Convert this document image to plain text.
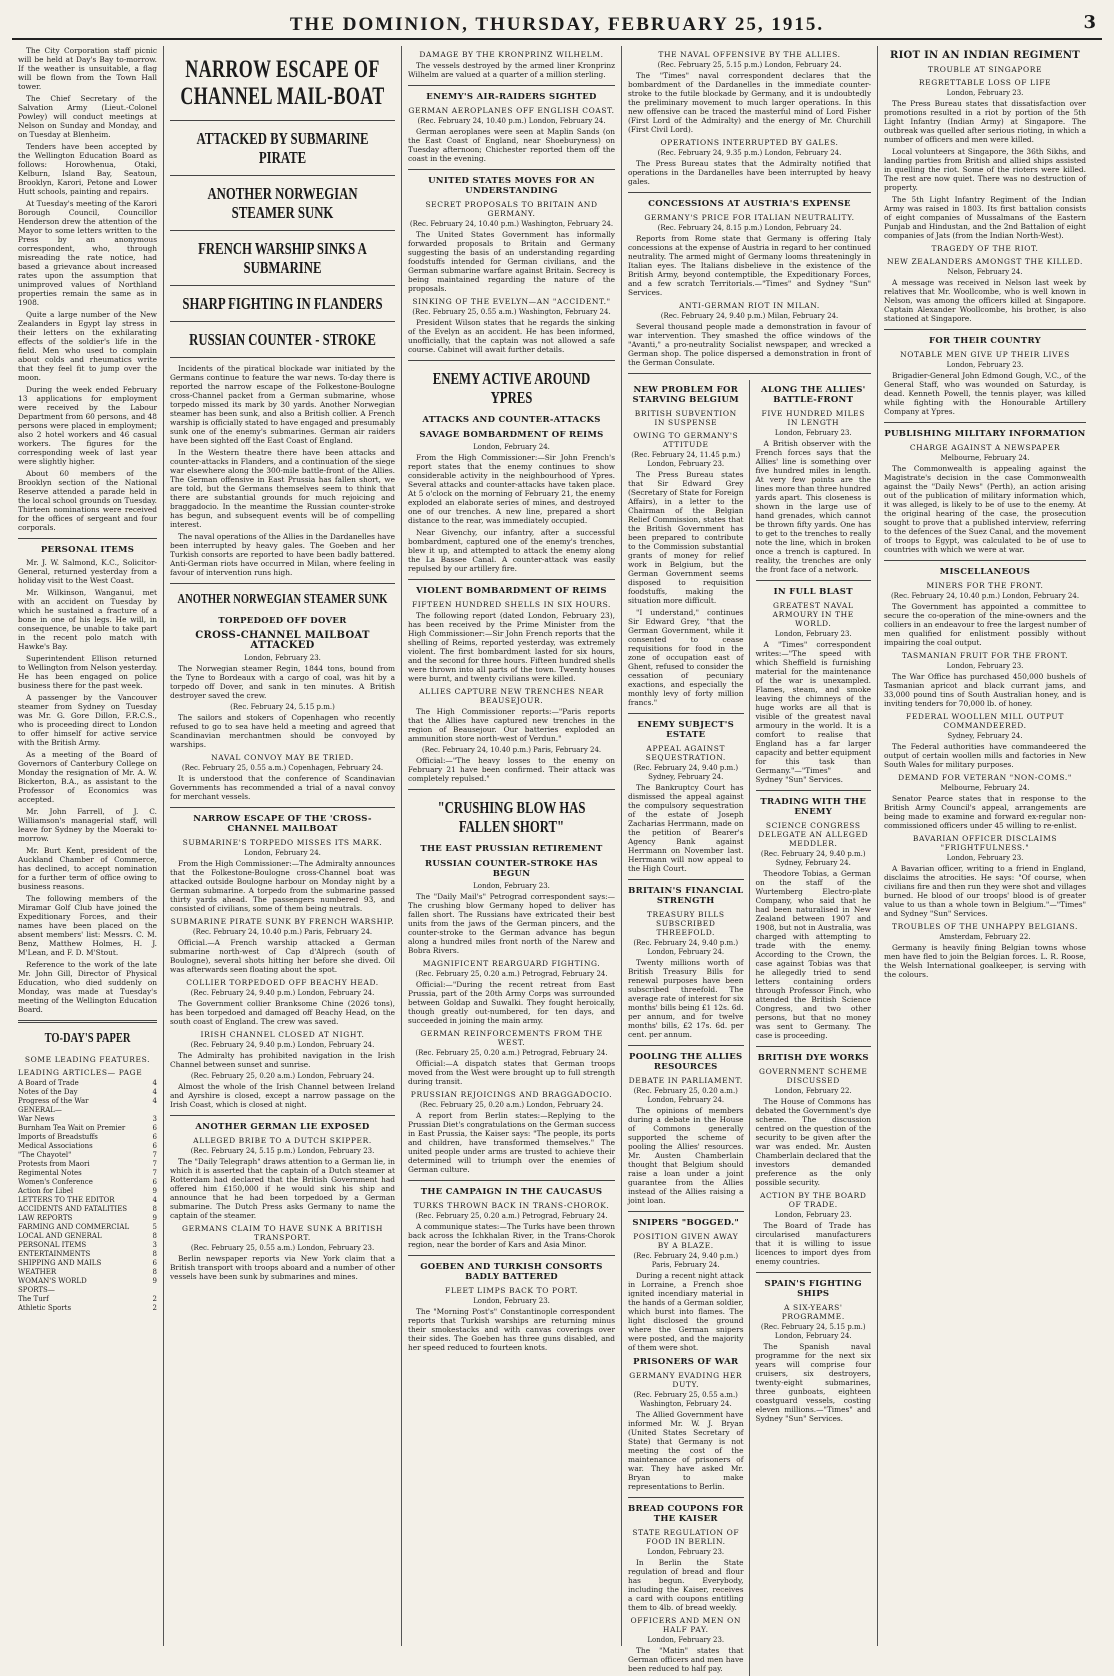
THE DOMINION, THURSDAY, FEBRUARY 25, 1915.	3

The City Corporation staff picnic will be held at Day's Bay to-morrow. If the weather is unsuitable, a flag will be flown from the Town Hall tower.

The Chief Secretary of the Salvation Army (Lieut.-Colonel Powley) will conduct meetings at Nelson on Sunday and Monday, and on Tuesday at Blenheim.

Tenders have been accepted by the Wellington Education Board as follows: Horowhenua, Otaki, Kelburn, Island Bay, Seatoun, Brooklyn, Karori, Petone and Lower Hutt schools, painting and repairs.

At Tuesday's meeting of the Karori Borough Council, Councillor Henderson drew the attention of the Mayor to some letters written to the Press by an anonymous correspondent, who, through misreading the rate notice, had based a grievance about increased rates upon the assumption that unimproved values of Northland properties remain the same as in 1908.

Quite a large number of the New Zealanders in Egypt lay stress in their letters on the exhilarating effects of the soldier's life in the field. Men who used to complain about colds and rheumatics write that they feel fit to jump over the moon.

During the week ended February 13 applications for employment were received by the Labour Department from 60 persons, and 48 persons were placed in employment; also 2 hotel workers and 46 casual workers. The figures for the corresponding week of last year were slightly higher.

About 60 members of the Brooklyn section of the National Reserve attended a parade held in the local school grounds on Tuesday. Thirteen nominations were received for the offices of sergeant and four corporals.

PERSONAL ITEMS

Mr. J. W. Salmond, K.C., Solicitor-General, returned yesterday from a holiday visit to the West Coast.

Mr. Wilkinson, Wanganui, met with an accident on Tuesday by which he sustained a fracture of a bone in one of his legs. He will, in consequence, be unable to take part in the recent polo match with Hawke's Bay.

Superintendent Ellison returned to Wellington from Nelson yesterday. He has been engaged on police business there for the past week.

A passenger by the Vancouver steamer from Sydney on Tuesday was Mr. G. Gore Dillon, F.R.C.S., who is proceeding direct to London to offer himself for active service with the British Army.

As a meeting of the Board of Governors of Canterbury College on Monday the resignation of Mr. A. W. Bickerton, B.A., as assistant to the Professor of Economics was accepted.

Mr. John Farrell, of J. C. Williamson's managerial staff, will leave for Sydney by the Moeraki to-morrow.

Mr. Burt Kent, president of the Auckland Chamber of Commerce, has declined, to accept nomination for a further term of office owing to business reasons.

The following members of the Miramar Golf Club have joined the Expeditionary Forces, and their names have been placed on the absent members' list: Messrs. C. M. Benz, Matthew Holmes, H. J. M'Lean, and F. D. M'Stout.

Reference to the work of the late Mr. John Gill, Director of Physical Education, who died suddenly on Monday, was made at Tuesday's meeting of the Wellington Education Board.

TO-DAY'S PAPER
SOME LEADING FEATURES.
LEADING ARTICLES— PAGE
A Board of Trade	4
Notes of the Day	4
Progress of the War	4
GENERAL—
War News	3
Burnham Tea Wait on Premier	6
Imports of Breadstuffs	6
Medical Associations	6
"The Chayotel"	7
Protests from Maori	7
Regimental Notes	7
Women's Conference	6
Action for Libel	9
LETTERS TO THE EDITOR	4
ACCIDENTS AND FATALITIES	8
LAW REPORTS	9
FARMING AND COMMERCIAL	5
LOCAL AND GENERAL	8
PERSONAL ITEMS	3
ENTERTAINMENTS	8
SHIPPING AND MAILS	6
WEATHER	8
WOMAN'S WORLD	9
SPORTS—
The Turf	2
Athletic Sports	2
NARROW ESCAPE OF CHANNEL MAIL-BOAT
ATTACKED BY SUBMARINE PIRATE
ANOTHER NORWEGIAN STEAMER SUNK
FRENCH WARSHIP SINKS A SUBMARINE
SHARP FIGHTING IN FLANDERS
RUSSIAN COUNTER - STROKE

Incidents of the piratical blockade war initiated by the Germans continue to feature the war news. To-day there is reported the narrow escape of the Folkestone-Boulogne cross-Channel packet from a German submarine, whose torpedo missed its mark by 30 yards. Another Norwegian steamer has been sunk, and also a British collier. A French warship is officially stated to have engaged and presumably sunk one of the enemy's submarines. German air raiders have been sighted off the East Coast of England.

In the Western theatre there have been attacks and counter-attacks in Flanders, and a continuation of the siege war elsewhere along the 300-mile battle-front of the Allies. The German offensive in East Prussia has fallen short, we are told, but the Germans themselves seem to think that there are substantial grounds for much rejoicing and braggadocio. In the meantime the Russian counter-stroke has begun, and subsequent events will be of compelling interest.

The naval operations of the Allies in the Dardanelles have been interrupted by heavy gales. The Goeben and her Turkish consorts are reported to have been badly battered. Anti-German riots have occurred in Milan, where feeling in favour of intervention runs high.

ANOTHER NORWEGIAN STEAMER SUNK
TORPEDOED OFF DOVER
CROSS-CHANNEL MAILBOAT ATTACKED
London, February 23.

The Norwegian steamer Regin, 1844 tons, bound from the Tyne to Bordeaux with a cargo of coal, was hit by a torpedo off Dover, and sank in ten minutes. A British destroyer saved the crew.

(Rec. February 24, 5.15 p.m.)

The sailors and stokers of Copenhagen who recently refused to go to sea have held a meeting and agreed that Scandinavian merchantmen should be convoyed by warships.

NAVAL CONVOY MAY BE TRIED.
(Rec. February 25, 0.55 a.m.) Copenhagen, February 24.

It is understood that the conference of Scandinavian Governments has recommended a trial of a naval convoy for merchant vessels.

NARROW ESCAPE OF THE 'CROSS-CHANNEL MAILBOAT
SUBMARINE'S TORPEDO MISSES ITS MARK.
London, February 24.

From the High Commissioner:—The Admiralty announces that the Folkestone-Boulogne cross-Channel boat was attacked outside Boulogne harbour on Monday night by a German submarine. A torpedo from the submarine passed thirty yards ahead. The passengers numbered 93, and consisted of civilians, some of them being neutrals.

SUBMARINE PIRATE SUNK BY FRENCH WARSHIP.
(Rec. February 24, 10.40 p.m.) Paris, February 24.

Official.—A French warship attacked a German submarine north-west of Cap d'Alprech (south of Boulogne), several shots hitting her before she dived. Oil was afterwards seen floating about the spot.

COLLIER TORPEDOED OFF BEACHY HEAD.
(Rec. February 24, 9.40 p.m.) London, February 24.

The Government collier Branksome Chine (2026 tons), has been torpedoed and damaged off Beachy Head, on the south coast of England. The crew was saved.

IRISH CHANNEL CLOSED AT NIGHT.
(Rec. February 24, 9.40 p.m.) London, February 24.

The Admiralty has prohibited navigation in the Irish Channel between sunset and sunrise.

(Rec. February 25, 0.20 a.m.) London, February 24.

Almost the whole of the Irish Channel between Ireland and Ayrshire is closed, except a narrow passage on the Irish Coast, which is closed at night.

ANOTHER GERMAN LIE EXPOSED
ALLEGED BRIBE TO A DUTCH SKIPPER.
(Rec. February 24, 5.15 p.m.) London, February 23.

The "Daily Telegraph" draws attention to a German lie, in which it is asserted that the captain of a Dutch steamer at Rotterdam had declared that the British Government had offered him £150,000 if he would sink his ship and announce that he had been torpedoed by a German submarine. The Dutch Press asks Germany to name the captain of the steamer.

GERMANS CLAIM TO HAVE SUNK A BRITISH TRANSPORT.
(Rec. February 25, 0.55 a.m.) London, February 23.

Berlin newspaper reports via New York claim that a British transport with troops aboard and a number of other vessels have been sunk by submarines and mines.

DAMAGE BY THE KRONPRINZ WILHELM.

The vessels destroyed by the armed liner Kronprinz Wilhelm are valued at a quarter of a million sterling.

ENEMY'S AIR-RAIDERS SIGHTED
GERMAN AEROPLANES OFF ENGLISH COAST.
(Rec. February 24, 10.40 p.m.) London, February 24.

German aeroplanes were seen at Maplin Sands (on the East Coast of England, near Shoeburyness) on Tuesday afternoon; Chichester reported them off the coast in the evening.

UNITED STATES MOVES FOR AN UNDERSTANDING
SECRET PROPOSALS TO BRITAIN AND GERMANY.
(Rec. February 24, 10.40 p.m.) Washington, February 24.

The United States Government has informally forwarded proposals to Britain and Germany suggesting the basis of an understanding regarding foodstuffs intended for German civilians, and the German submarine warfare against Britain. Secrecy is being maintained regarding the nature of the proposals.

SINKING OF THE EVELYN—AN "ACCIDENT."
(Rec. February 25, 0.55 a.m.) Washington, February 24.

President Wilson states that he regards the sinking of the Evelyn as an accident. He has been informed, unofficially, that the captain was not allowed a safe course. Cabinet will await further details.

ENEMY ACTIVE AROUND YPRES
ATTACKS AND COUNTER-ATTACKS
SAVAGE BOMBARDMENT OF REIMS
London, February 24.

From the High Commissioner:—Sir John French's report states that the enemy continues to show considerable activity in the neighbourhood of Ypres. Several attacks and counter-attacks have taken place. At 5 o'clock on the morning of February 21, the enemy exploded an elaborate series of mines, and destroyed one of our trenches. A new line, prepared a short distance to the rear, was immediately occupied.

Near Givenchy, our infantry, after a successful bombardment, captured one of the enemy's trenches, blew it up, and attempted to attack the enemy along the La Bassee Canal. A counter-attack was easily repulsed by our artillery fire.

VIOLENT BOMBARDMENT OF REIMS
FIFTEEN HUNDRED SHELLS IN SIX HOURS.

The following report (dated London, February 23), has been received by the Prime Minister from the High Commissioner:—Sir John French reports that the shelling of Reims, reported yesterday, was extremely violent. The first bombardment lasted for six hours, and the second for three hours. Fifteen hundred shells were thrown into all parts of the town. Twenty houses were burnt, and twenty civilians were killed.

ALLIES CAPTURE NEW TRENCHES NEAR BEAUSEJOUR.

The High Commissioner reports:—"Paris reports that the Allies have captured new trenches in the region of Beausejour. Our batteries exploded an ammunition store north-west of Verdun."

(Rec. February 24, 10.40 p.m.) Paris, February 24.

Official:—"The heavy losses to the enemy on February 21 have been confirmed. Their attack was completely repulsed."

"CRUSHING BLOW HAS FALLEN SHORT"
THE EAST PRUSSIAN RETIREMENT
RUSSIAN COUNTER-STROKE HAS BEGUN
London, February 23.

The "Daily Mail's" Petrograd correspondent says:—The crushing blow Germany hoped to deliver has fallen short. The Russians have extricated their best units from the jaws of the German pincers, and the counter-stroke to the German advance has begun along a hundred miles front north of the Narew and Bobra Rivers.

MAGNIFICENT REARGUARD FIGHTING.
(Rec. February 25, 0.20 a.m.) Petrograd, February 24.

Official:—"During the recent retreat from East Prussia, part of the 20th Army Corps was surrounded between Goldap and Suwalki. They fought heroically, though greatly out-numbered, for ten days, and succeeded in joining the main army.

GERMAN REINFORCEMENTS FROM THE WEST.
(Rec. February 25, 0.20 a.m.) Petrograd, February 24.

Official:—A dispatch states that German troops moved from the West were brought up to full strength during transit.

PRUSSIAN REJOICINGS AND BRAGGADOCIO.
(Rec. February 25, 0.20 a.m.) London, February 24.

A report from Berlin states:—Replying to the Prussian Diet's congratulations on the German success in East Prussia, the Kaiser says: "The people, its ports and children, have transformed themselves." The united people under arms are trusted to achieve their determined will to triumph over the enemies of German culture.

THE CAMPAIGN IN THE CAUCASUS
TURKS THROWN BACK IN TRANS-CHOROK.
(Rec. February 25, 0.20 a.m.) Petrograd, February 24.

A communique states:—The Turks have been thrown back across the Ichkhalan River, in the Trans-Chorok region, near the border of Kars and Asia Minor.

GOEBEN AND TURKISH CONSORTS BADLY BATTERED
FLEET LIMPS BACK TO PORT.
London, February 23.

The "Morning Post's" Constantinople correspondent reports that Turkish warships are returning minus their smokestacks and with canvas coverings over their sides. The Goeben has three guns disabled, and her speed reduced to fourteen knots.

THE NAVAL OFFENSIVE BY THE ALLIES.
(Rec. February 25, 5.15 p.m.) London, February 24.

The "Times" naval correspondent declares that the bombardment of the Dardanelles in the immediate counter-stroke to the futile blockade by Germany, and it is undoubtedly the preliminary movement to much larger operations. In this new offensive can be traced the masterful mind of Lord Fisher (First Lord of the Admiralty) and the energy of Mr. Churchill (First Civil Lord).

OPERATIONS INTERRUPTED BY GALES.
(Rec. February 24, 9.35 p.m.) London, February 24.

The Press Bureau states that the Admiralty notified that operations in the Dardanelles have been interrupted by heavy gales.

CONCESSIONS AT AUSTRIA'S EXPENSE
GERMANY'S PRICE FOR ITALIAN NEUTRALITY.
(Rec. February 24, 8.15 p.m.) London, February 24.

Reports from Rome state that Germany is offering Italy concessions at the expense of Austria in regard to her continued neutrality. The armed might of Germany looms threateningly in Italian eyes. The Italians disbelieve in the existence of the British Army, beyond contemptible, the Expeditionary Forces, and a few scratch Territorials.—"Times" and Sydney "Sun" Services.

ANTI-GERMAN RIOT IN MILAN.
(Rec. February 24, 9.40 p.m.) Milan, February 24.

Several thousand people made a demonstration in favour of war intervention. They smashed the office windows of the "Avanti," a pro-neutrality Socialist newspaper, and wrecked a German shop. The police dispersed a demonstration in front of the German Consulate.

NEW PROBLEM FOR STARVING BELGIUM
BRITISH SUBVENTION IN SUSPENSE
OWING TO GERMANY'S ATTITUDE
(Rec. February 24, 11.45 p.m.) London, February 23.

The Press Bureau states that Sir Edward Grey (Secretary of State for Foreign Affairs), in a letter to the Chairman of the Belgian Relief Commission, states that the British Government has been prepared to contribute to the Commission substantial grants of money for relief work in Belgium, but the German Government seems disposed to requisition foodstuffs, making the situation more difficult.

"I understand," continues Sir Edward Grey, "that the German Government, while it consented to cease requisitions for food in the zone of occupation east of Ghent, refused to consider the cessation of pecuniary exactions, and especially the monthly levy of forty million francs."

ENEMY SUBJECT'S ESTATE
APPEAL AGAINST SEQUESTRATION.
(Rec. February 24, 9.40 p.m.) Sydney, February 24.

The Bankruptcy Court has dismissed the appeal against the compulsory sequestration of the estate of Joseph Zacharias Herrmann, made on the petition of Bearer's Agency Bank against Herrmann on November last. Herrmann will now appeal to the High Court.

BRITAIN'S FINANCIAL STRENGTH
TREASURY BILLS SUBSCRIBED THREEFOLD.
(Rec. February 24, 9.40 p.m.) London, February 24.

Twenty millions worth of British Treasury Bills for renewal purposes have been subscribed threefold. The average rate of interest for six months' bills being £1 12s. 6d. per annum, and for twelve months' bills, £2 17s. 6d. per cent. per annum.

POOLING THE ALLIES RESOURCES
DEBATE IN PARLIAMENT.
(Rec. February 25, 0.20 a.m.) London, February 24.

The opinions of members during a debate in the House of Commons generally supported the scheme of pooling the Allies' resources. Mr. Austen Chamberlain thought that Belgium should raise a loan under a joint guarantee from the Allies instead of the Allies raising a joint loan.

SNIPERS "BOGGED."
POSITION GIVEN AWAY BY A BLAZE.
(Rec. February 24, 9.40 p.m.) Paris, February 24.

During a recent night attack in Lorraine, a French shoe ignited incendiary material in the hands of a German soldier, which burst into flames. The light disclosed the ground where the German snipers were posted, and the majority of them were shot.

PRISONERS OF WAR
GERMANY EVADING HER DUTY.
(Rec. February 25, 0.55 a.m.) Washington, February 24.

The Allied Government have informed Mr. W. J. Bryan (United States Secretary of State) that Germany is not meeting the cost of the maintenance of prisoners of war. They have asked Mr. Bryan to make representations to Berlin.

BREAD COUPONS FOR THE KAISER
STATE REGULATION OF FOOD IN BERLIN.
London, February 23.

In Berlin the State regulation of bread and flour has begun. Everybody, including the Kaiser, receives a card with coupons entitling them to 4lb. of bread weekly.

OFFICERS AND MEN ON HALF PAY.
London, February 23.

The "Matin" states that German officers and men have been reduced to half pay.

ALONG THE ALLIES' BATTLE-FRONT
FIVE HUNDRED MILES IN LENGTH
London, February 23.

A British observer with the French forces says that the Allies' line is something over five hundred miles in length. At very few points are the lines more than three hundred yards apart. This closeness is shown in the large use of hand grenades, which cannot be thrown fifty yards. One has to get to the trenches to really note the line, which in broken once a trench is captured. In reality, the trenches are only the front face of a network.

IN FULL BLAST
GREATEST NAVAL ARMOURY IN THE WORLD.
London, February 23.

A "Times" correspondent writes:—"The speed with which Sheffield is furnishing material for the maintenance of the war is unexampled. Flames, steam, and smoke leaving the chimneys of the huge works are all that is visible of the greatest naval armoury in the world. It is a comfort to realise that England has a far larger capacity and better equipment for this task than Germany."—"Times" and Sydney "Sun" Services.

TRADING WITH THE ENEMY
SCIENCE CONGRESS DELEGATE AN ALLEGED MEDDLER.
(Rec. February 24, 9.40 p.m.) Sydney, February 24.

Theodore Tobias, a German on the staff of the Wurtemberg Electro-plate Company, who said that he had been naturalised in New Zealand between 1907 and 1908, but not in Australia, was charged with attempting to trade with the enemy. According to the Crown, the case against Tobias was that he allegedly tried to send letters containing orders through Professor Finch, who attended the British Science Congress, and two other persons, but that no money was sent to Germany. The case is proceeding.

BRITISH DYE WORKS
GOVERNMENT SCHEME DISCUSSED
London, February 22.

The House of Commons has debated the Government's dye scheme. The discussion centred on the question of the security to be given after the war was ended. Mr. Austen Chamberlain declared that the investors demanded preference as the only possible security.

ACTION BY THE BOARD OF TRADE.
London, February 23.

The Board of Trade has circularised manufacturers that it is willing to issue licences to import dyes from enemy countries.

SPAIN'S FIGHTING SHIPS
A SIX-YEARS' PROGRAMME.
(Rec. February 24, 5.15 p.m.) London, February 24.

The Spanish naval programme for the next six years will comprise four cruisers, six destroyers, twenty-eight submarines, three gunboats, eighteen coastguard vessels, costing eleven millions.—"Times" and Sydney "Sun" Services.

RIOT IN AN INDIAN REGIMENT
TROUBLE AT SINGAPORE
REGRETTABLE LOSS OF LIFE
London, February 23.

The Press Bureau states that dissatisfaction over promotions resulted in a riot by portion of the 5th Light Infantry (Indian Army) at Singapore. The outbreak was quelled after serious rioting, in which a number of officers and men were killed.

Local volunteers at Singapore, the 36th Sikhs, and landing parties from British and allied ships assisted in quelling the riot. Some of the rioters were killed. The rest are now quiet. There was no destruction of property.

The 5th Light Infantry Regiment of the Indian Army was raised in 1803. Its first battalion consists of eight companies of Mussalmans of the Eastern Punjab and Hindustan, and the 2nd Battalion of eight companies of Jats (from the Indian North-West).

TRAGEDY OF THE RIOT.
NEW ZEALANDERS AMONGST THE KILLED.
Nelson, February 24.

A message was received in Nelson last week by relatives that Mr. Woollcombe, who is well known in Nelson, was among the officers killed at Singapore. Captain Alexander Woollcombe, his brother, is also stationed at Singapore.

FOR THEIR COUNTRY
NOTABLE MEN GIVE UP THEIR LIVES
London, February 23.

Brigadier-General John Edmond Gough, V.C., of the General Staff, who was wounded on Saturday, is dead. Kenneth Powell, the tennis player, was killed while fighting with the Honourable Artillery Company at Ypres.

PUBLISHING MILITARY INFORMATION
CHARGE AGAINST A NEWSPAPER
Melbourne, February 24.

The Commonwealth is appealing against the Magistrate's decision in the case Commonwealth against the "Daily News" (Perth), an action arising out of the publication of military information which, it was alleged, is likely to be of use to the enemy. At the original hearing of the case, the prosecution sought to prove that a published interview, referring to the defences of the Suez Canal, and the movement of troops to Egypt, was calculated to be of use to countries with which we were at war.

MISCELLANEOUS
MINERS FOR THE FRONT.
(Rec. February 24, 10.40 p.m.) London, February 24.

The Government has appointed a committee to secure the co-operation of the mine-owners and the colliers in an endeavour to free the largest number of men qualified for enlistment possibly without impairing the coal output.

TASMANIAN FRUIT FOR THE FRONT.
London, February 23.

The War Office has purchased 450,000 bushels of Tasmanian apricot and black currant jams, and 33,000 pound tins of South Australian honey, and is inviting tenders for 70,000 lb. of honey.

FEDERAL WOOLLEN MILL OUTPUT COMMANDEERED.
Sydney, February 24.

The Federal authorities have commandeered the output of certain woollen mills and factories in New South Wales for military purposes.

DEMAND FOR VETERAN "NON-COMS."
Melbourne, February 24.

Senator Pearce states that in response to the British Army Council's appeal, arrangements are being made to examine and forward ex-regular non-commissioned officers under 45 willing to re-enlist.

BAVARIAN OFFICER DISCLAIMS "FRIGHTFULNESS."
London, February 23.

A Bavarian officer, writing to a friend in England, disclaims the atrocities. He says: "Of course, when civilians fire and then run they were shot and villages burned. He blood of our troops' blood is of greater value to us than a whole town in Belgium."—"Times" and Sydney "Sun" Services.

TROUBLES OF THE UNHAPPY BELGIANS.
Amsterdam, February 22.

Germany is heavily fining Belgian towns whose men have fled to join the Belgian forces. L. R. Roose, the Welsh International goalkeeper, is serving with the colours.
